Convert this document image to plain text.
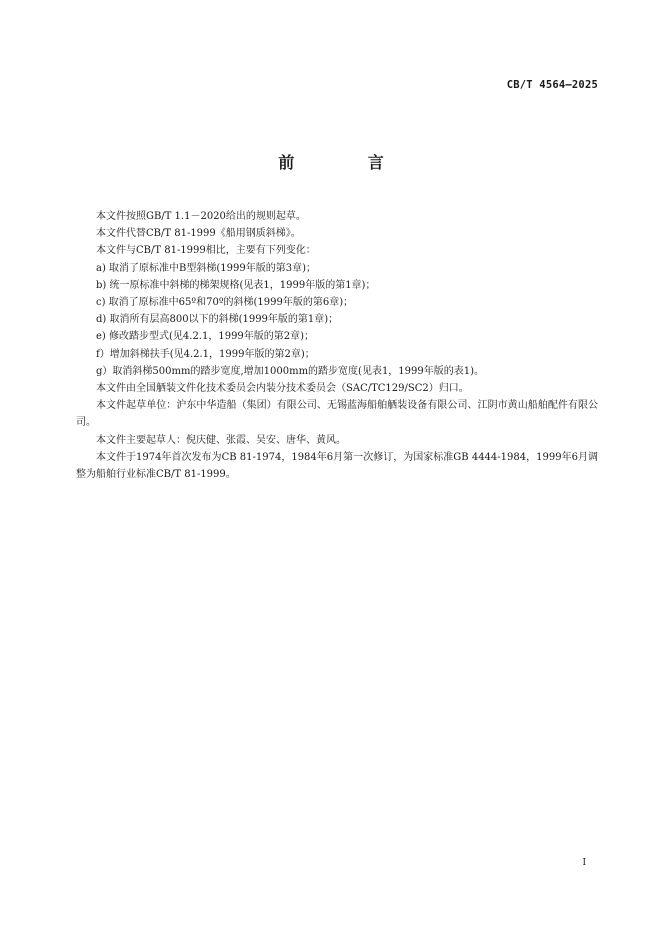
CB/T 4564—2025
前 言

本文件按照GB/T 1.1－2020给出的规则起草。

本文件代替CB/T 81-1999《船用钢质斜梯》。

本文件与CB/T 81-1999相比，主要有下列变化：

a) 取消了原标准中B型斜梯(1999年版的第3章)；

b) 统一原标准中斜梯的梯架规格(见表1，1999年版的第1章)；

c) 取消了原标准中65º和70º的斜梯(1999年版的第6章)；

d) 取消所有层高800以下的斜梯(1999年版的第1章)；

e) 修改踏步型式(见4.2.1，1999年版的第2章)；

f）增加斜梯扶手(见4.2.1，1999年版的第2章)；

g）取消斜梯500mm的踏步宽度,增加1000mm的踏步宽度(见表1，1999年版的表1)。

本文件由全国舾装文件化技术委员会内装分技术委员会（SAC/TC129/SC2）归口。

本文件起草单位：沪东中华造船（集团）有限公司、无锡蓝海船舶舾装设备有限公司、江阴市黄山船舶配件有限公司。

本文件主要起草人：倪庆健、张霞、吴安、唐华、黄风。

本文件于1974年首次发布为CB 81-1974，1984年6月第一次修订，为国家标准GB 4444-1984，1999年6月调整为船舶行业标准CB/T 81-1999。

I
